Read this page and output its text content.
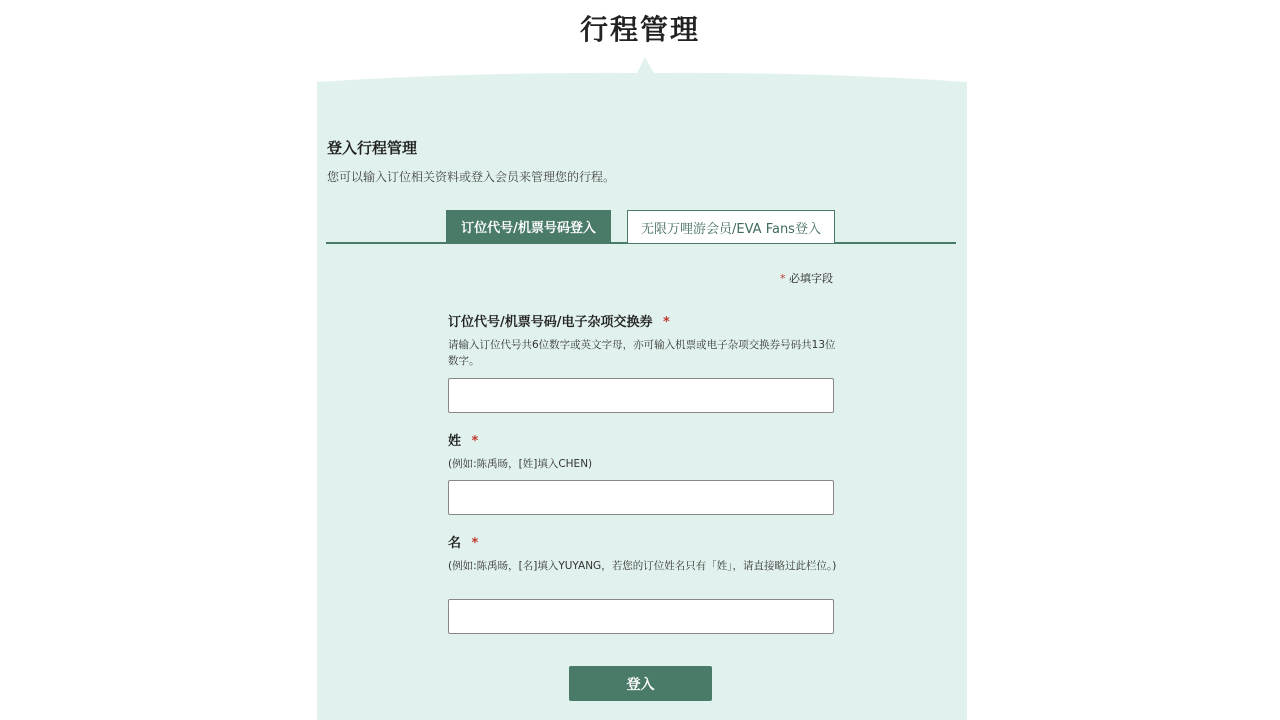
行程管理
登入行程管理
您可以输入订位相关资料或登入会员来管理您的行程。
订位代号/机票号码登入	无限万哩游会员/EVA Fans登入
* 必填字段
订位代号/机票号码/电子杂项交换券 *
请输入订位代号共6位数字或英文字母，亦可输入机票或电子杂项交换券号码共13位数字。
姓 *
(例如:陈禹旸，[姓]填入CHEN)
名 *
(例如:陈禹旸，[名]填入YUYANG，若您的订位姓名只有「姓」，请直接略过此栏位。)
登入
